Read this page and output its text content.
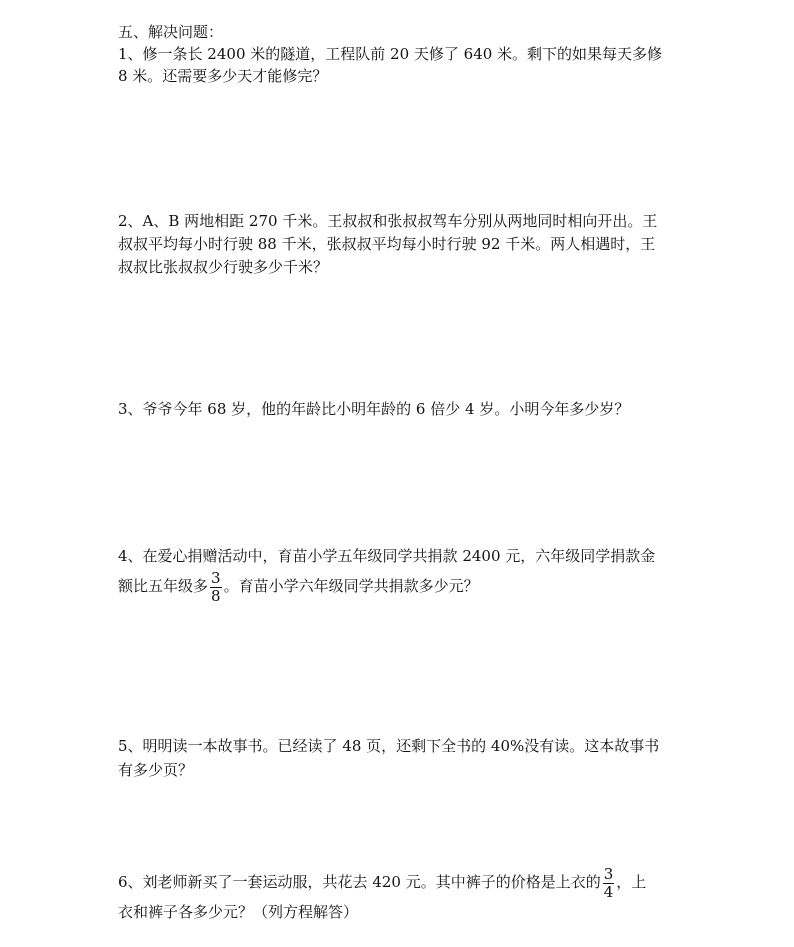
五、解决问题：
1、修一条长 2400 米的隧道，工程队前 20 天修了 640 米。剩下的如果每天多修
8 米。还需要多少天才能修完？
2、A、B 两地相距 270 千米。王叔叔和张叔叔驾车分别从两地同时相向开出。王
叔叔平均每小时行驶 88 千米，张叔叔平均每小时行驶 92 千米。两人相遇时，王
叔叔比张叔叔少行驶多少千米？
3、爷爷今年 68 岁，他的年龄比小明年龄的 6 倍少 4 岁。小明今年多少岁？
4、在爱心捐赠活动中，育苗小学五年级同学共捐款 2400 元，六年级同学捐款金
额比五年级多 $\frac{3}{8}$ 。育苗小学六年级同学共捐款多少元？
5、明明读一本故事书。已经读了 48 页，还剩下全书的 40%没有读。这本故事书
有多少页？
6、刘老师新买了一套运动服，共花去 420 元。其中裤子的价格是上衣的 $\frac{3}{4}$ ，上
衣和裤子各多少元？（列方程解答）
